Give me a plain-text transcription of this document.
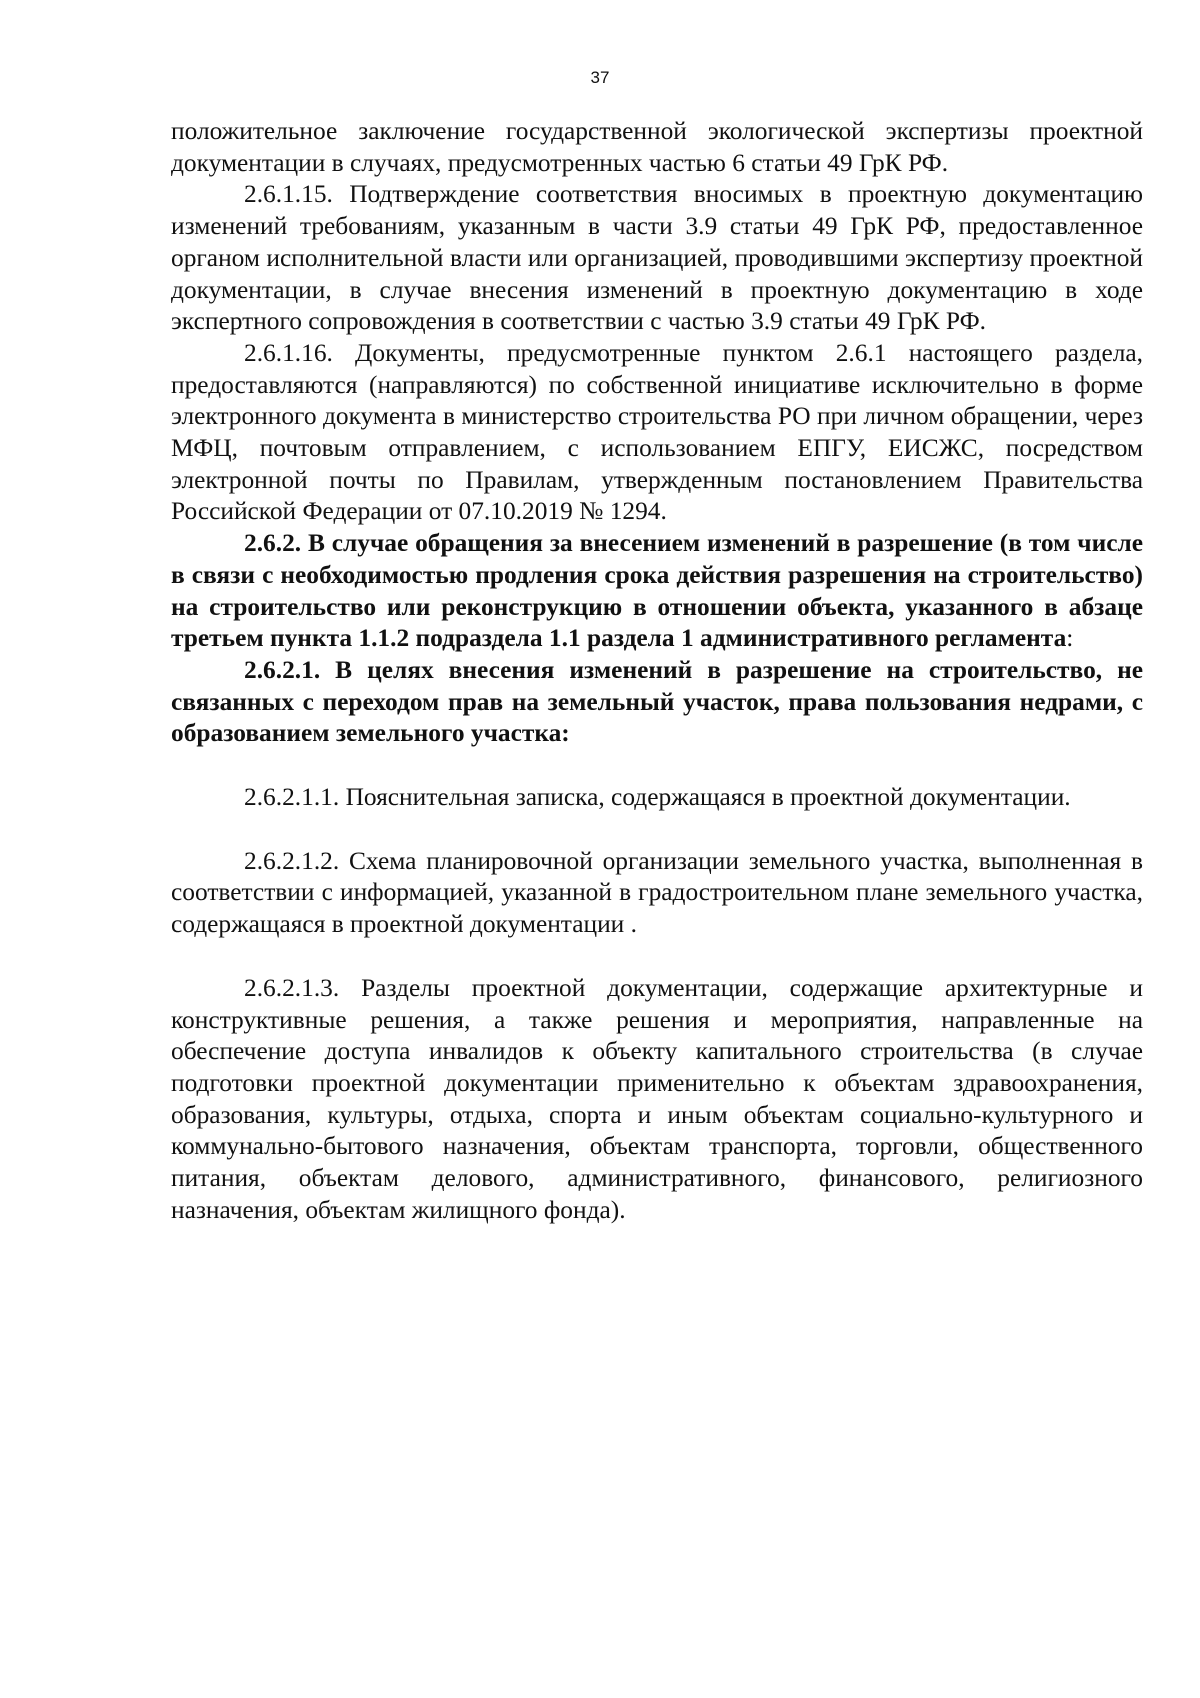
37

положительное заключение государственной экологической экспертизы проектной документации в случаях, предусмотренных частью 6 статьи 49 ГрК РФ.

2.6.1.15. Подтверждение соответствия вносимых в проектную документацию изменений требованиям, указанным в части 3.9 статьи 49 ГрК РФ, предоставленное органом исполнительной власти или организацией, проводившими экспертизу проектной документации, в случае внесения изменений в проектную документацию в ходе экспертного сопровождения в соответствии с частью 3.9 статьи 49 ГрК РФ.

2.6.1.16. Документы, предусмотренные пунктом 2.6.1 настоящего раздела, предоставляются (направляются) по собственной инициативе исключительно в форме электронного документа в министерство строительства РО при личном обращении, через МФЦ, почтовым отправлением, с использованием ЕПГУ, ЕИСЖС, посредством электронной почты по Правилам, утвержденным постановлением Правительства Российской Федерации от 07.10.2019 № 1294.

2.6.2. В случае обращения за внесением изменений в разрешение (в том числе в связи с необходимостью продления срока действия разрешения на строительство) на строительство или реконструкцию в отношении объекта, указанного в абзаце третьем пункта 1.1.2 подраздела 1.1 раздела 1 административного регламента:

2.6.2.1. В целях внесения изменений в разрешение на строительство, не связанных с переходом прав на земельный участок, права пользования недрами, с образованием земельного участка:

2.6.2.1.1. Пояснительная записка, содержащаяся в проектной документации.

2.6.2.1.2. Схема планировочной организации земельного участка, выполненная в соответствии с информацией, указанной в градостроительном плане земельного участка, содержащаяся в проектной документации .

2.6.2.1.3. Разделы проектной документации, содержащие архитектурные и конструктивные решения, а также решения и мероприятия, направленные на обеспечение доступа инвалидов к объекту капитального строительства (в случае подготовки проектной документации применительно к объектам здравоохранения, образования, культуры, отдыха, спорта и иным объектам социально-культурного и коммунально-бытового назначения, объектам транспорта, торговли, общественного питания, объектам делового, административного, финансового, религиозного назначения, объектам жилищного фонда).
